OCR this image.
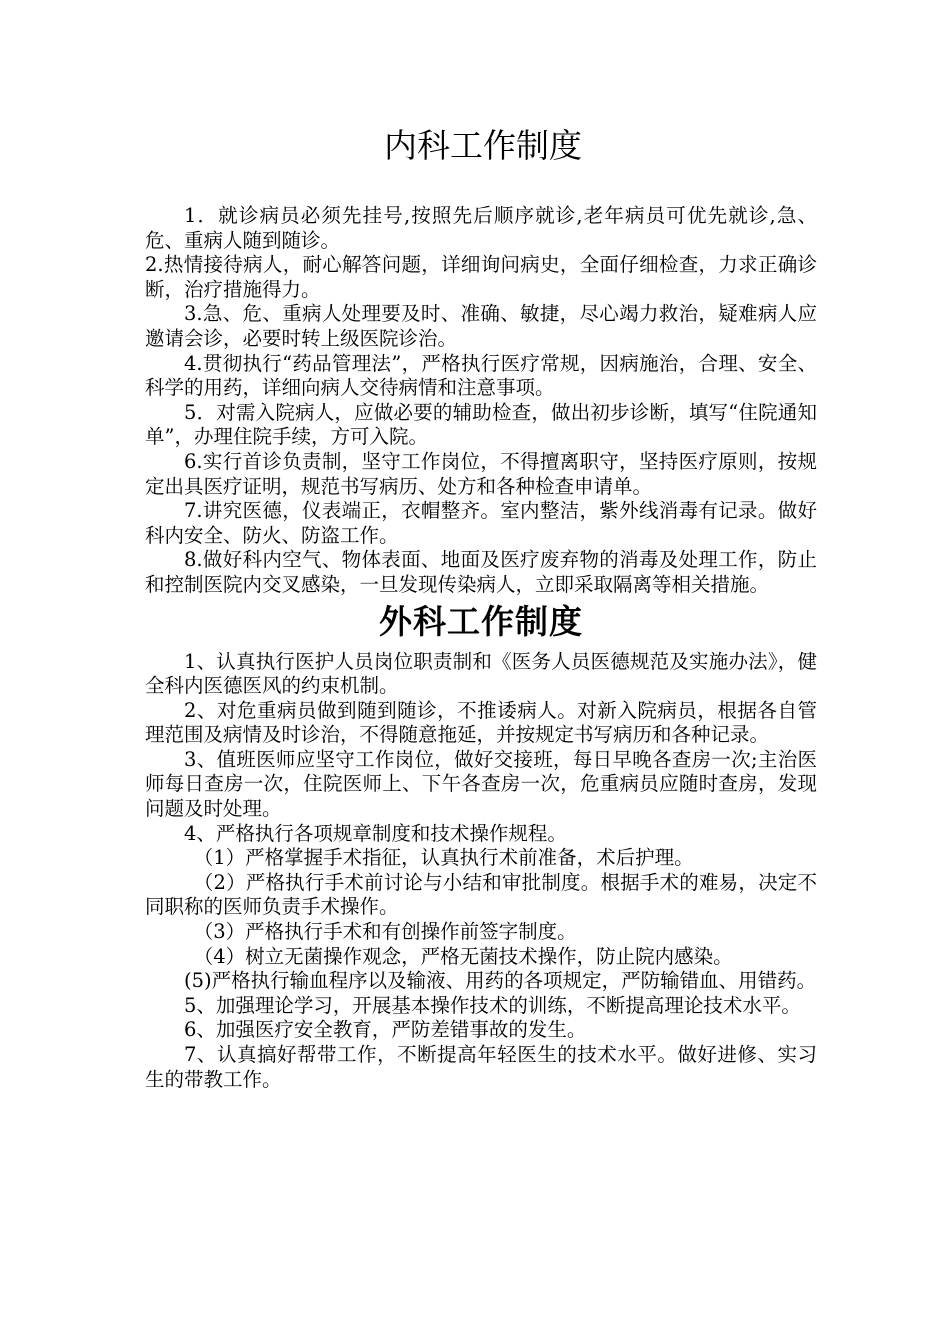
内科工作制度

1．就诊病员必须先挂号,按照先后顺序就诊,老年病员可优先就诊,急、危、重病人随到随诊。

2.热情接待病人，耐心解答问题，详细询问病史，全面仔细检查，力求正确诊断，治疗措施得力。

3.急、危、重病人处理要及时、准确、敏捷，尽心竭力救治，疑难病人应邀请会诊，必要时转上级医院诊治。

4.贯彻执行“药品管理法”，严格执行医疗常规，因病施治，合理、安全、科学的用药，详细向病人交待病情和注意事项。

5．对需入院病人，应做必要的辅助检查，做出初步诊断，填写“住院通知单”，办理住院手续，方可入院。

6.实行首诊负责制，坚守工作岗位，不得擅离职守，坚持医疗原则，按规定出具医疗证明，规范书写病历、处方和各种检查申请单。

7.讲究医德，仪表端正，衣帽整齐。室内整洁，紫外线消毒有记录。做好科内安全、防火、防盗工作。

8.做好科内空气、物体表面、地面及医疗废弃物的消毒及处理工作，防止和控制医院内交叉感染，一旦发现传染病人，立即采取隔离等相关措施。

外科工作制度

1、认真执行医护人员岗位职责制和《医务人员医德规范及实施办法》，健全科内医德医风的约束机制。

2、对危重病员做到随到随诊，不推诿病人。对新入院病员，根据各自管理范围及病情及时诊治，不得随意拖延，并按规定书写病历和各种记录。

3、值班医师应坚守工作岗位，做好交接班，每日早晚各查房一次;主治医师每日查房一次，住院医师上、下午各查房一次，危重病员应随时查房，发现问题及时处理。

4、严格执行各项规章制度和技术操作规程。

（1）严格掌握手术指征，认真执行术前准备，术后护理。

（2）严格执行手术前讨论与小结和审批制度。根据手术的难易，决定不同职称的医师负责手术操作。

（3）严格执行手术和有创操作前签字制度。

（4）树立无菌操作观念，严格无菌技术操作，防止院内感染。

(5)严格执行输血程序以及输液、用药的各项规定，严防输错血、用错药。

5、加强理论学习，开展基本操作技术的训练，不断提高理论技术水平。

6、加强医疗安全教育，严防差错事故的发生。

7、认真搞好帮带工作，不断提高年轻医生的技术水平。做好进修、实习生的带教工作。
